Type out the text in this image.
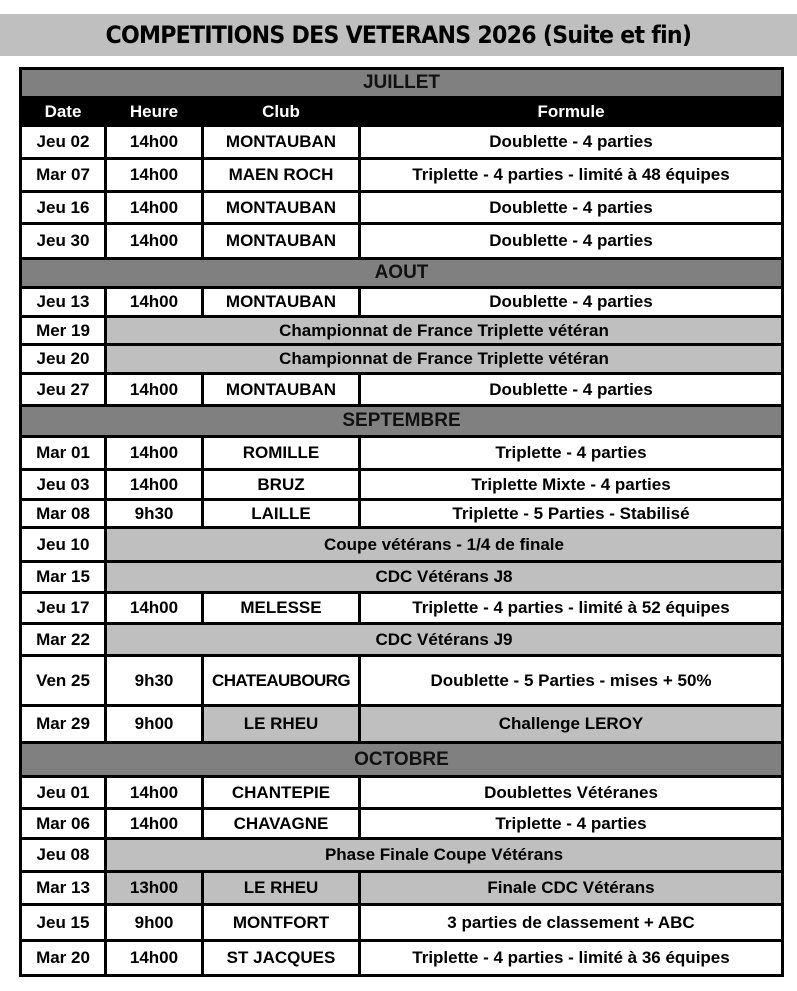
COMPETITIONS DES VETERANS 2026 (Suite et fin)
JUILLET			
Date	Heure	Club	Formule
Jeu 02	14h00	MONTAUBAN	Doublette - 4 parties
Mar 07	14h00	MAEN ROCH	Triplette - 4 parties - limité à 48 équipes
Jeu 16	14h00	MONTAUBAN	Doublette - 4 parties
Jeu 30	14h00	MONTAUBAN	Doublette - 4 parties
AOUT			
Jeu 13	14h00	MONTAUBAN	Doublette - 4 parties
Mer 19	Championnat de France Triplette vétéran		
Jeu 20	Championnat de France Triplette vétéran		
Jeu 27	14h00	MONTAUBAN	Doublette - 4 parties
SEPTEMBRE			
Mar 01	14h00	ROMILLE	Triplette - 4 parties
Jeu 03	14h00	BRUZ	Triplette Mixte - 4 parties
Mar 08	9h30	LAILLE	Triplette - 5 Parties - Stabilisé
Jeu 10	Coupe vétérans - 1/4 de finale		
Mar 15	CDC Vétérans J8		
Jeu 17	14h00	MELESSE	Triplette - 4 parties - limité à 52 équipes
Mar 22	CDC Vétérans J9		
Ven 25	9h30	CHATEAUBOURG	Doublette - 5 Parties - mises + 50%
Mar 29	9h00	LE RHEU	Challenge LEROY
OCTOBRE			
Jeu 01	14h00	CHANTEPIE	Doublettes Vétéranes
Mar 06	14h00	CHAVAGNE	Triplette - 4 parties
Jeu 08	Phase Finale Coupe Vétérans		
Mar 13	13h00	LE RHEU	Finale CDC Vétérans
Jeu 15	9h00	MONTFORT	3 parties de classement + ABC
Mar 20	14h00	ST JACQUES	Triplette - 4 parties - limité à 36 équipes
